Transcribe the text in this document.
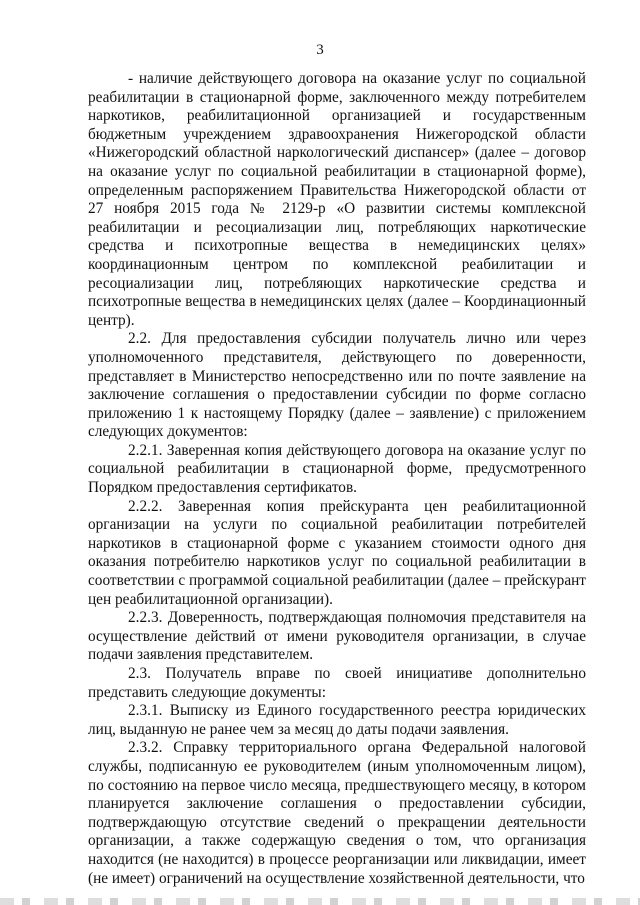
3

- наличие действующего договора на оказание услуг по социальной реабилитации в стационарной форме, заключенного между потребителем наркотиков, реабилитационной организацией и государственным бюджетным учреждением здравоохранения Нижегородской области «Нижегородский областной наркологический диспансер» (далее – договор на оказание услуг по социальной реабилитации в стационарной форме), определенным распоряжением Правительства Нижегородской области от 27 ноября 2015 года № 2129-р «О развитии системы комплексной реабилитации и ресоциализации лиц, потребляющих наркотические средства и психотропные вещества в немедицинских целях» координационным центром по комплексной реабилитации и ресоциализации лиц, потребляющих наркотические средства и психотропные вещества в немедицинских целях (далее – Координационный центр).

2.2. Для предоставления субсидии получатель лично или через уполномоченного представителя, действующего по доверенности, представляет в Министерство непосредственно или по почте заявление на заключение соглашения о предоставлении субсидии по форме согласно приложению 1 к настоящему Порядку (далее – заявление) с приложением следующих документов:

2.2.1. Заверенная копия действующего договора на оказание услуг по социальной реабилитации в стационарной форме, предусмотренного Порядком предоставления сертификатов.

2.2.2. Заверенная копия прейскуранта цен реабилитационной организации на услуги по социальной реабилитации потребителей наркотиков в стационарной форме с указанием стоимости одного дня оказания потребителю наркотиков услуг по социальной реабилитации в соответствии с программой социальной реабилитации (далее – прейскурант цен реабилитационной организации).

2.2.3. Доверенность, подтверждающая полномочия представителя на осуществление действий от имени руководителя организации, в случае подачи заявления представителем.

2.3. Получатель вправе по своей инициативе дополнительно представить следующие документы:

2.3.1. Выписку из Единого государственного реестра юридических лиц, выданную не ранее чем за месяц до даты подачи заявления.

2.3.2. Справку территориального органа Федеральной налоговой службы, подписанную ее руководителем (иным уполномоченным лицом), по состоянию на первое число месяца, предшествующего месяцу, в котором планируется заключение соглашения о предоставлении субсидии, подтверждающую отсутствие сведений о прекращении деятельности организации, а также содержащую сведения о том, что организация находится (не находится) в процессе реорганизации или ликвидации, имеет (не имеет) ограничений на осуществление хозяйственной деятельности, что
